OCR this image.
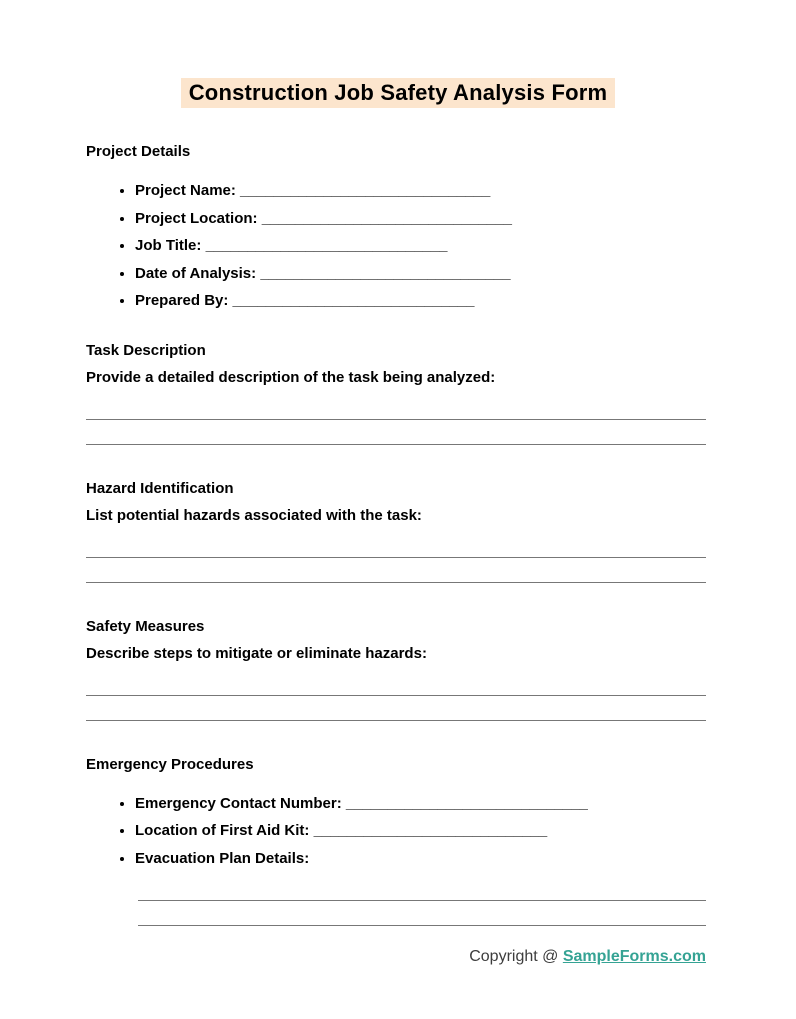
Construction Job Safety Analysis Form
Project Details
• Project Name: ______________________________
• Project Location: ______________________________
• Job Title: _____________________________
• Date of Analysis: ______________________________
• Prepared By: _____________________________
Task Description

Provide a detailed description of the task being analyzed:

Hazard Identification

List potential hazards associated with the task:

Safety Measures

Describe steps to mitigate or eliminate hazards:

Emergency Procedures
• Emergency Contact Number: _____________________________
• Location of First Aid Kit: ____________________________
• Evacuation Plan Details:
Copyright @ SampleForms.com
